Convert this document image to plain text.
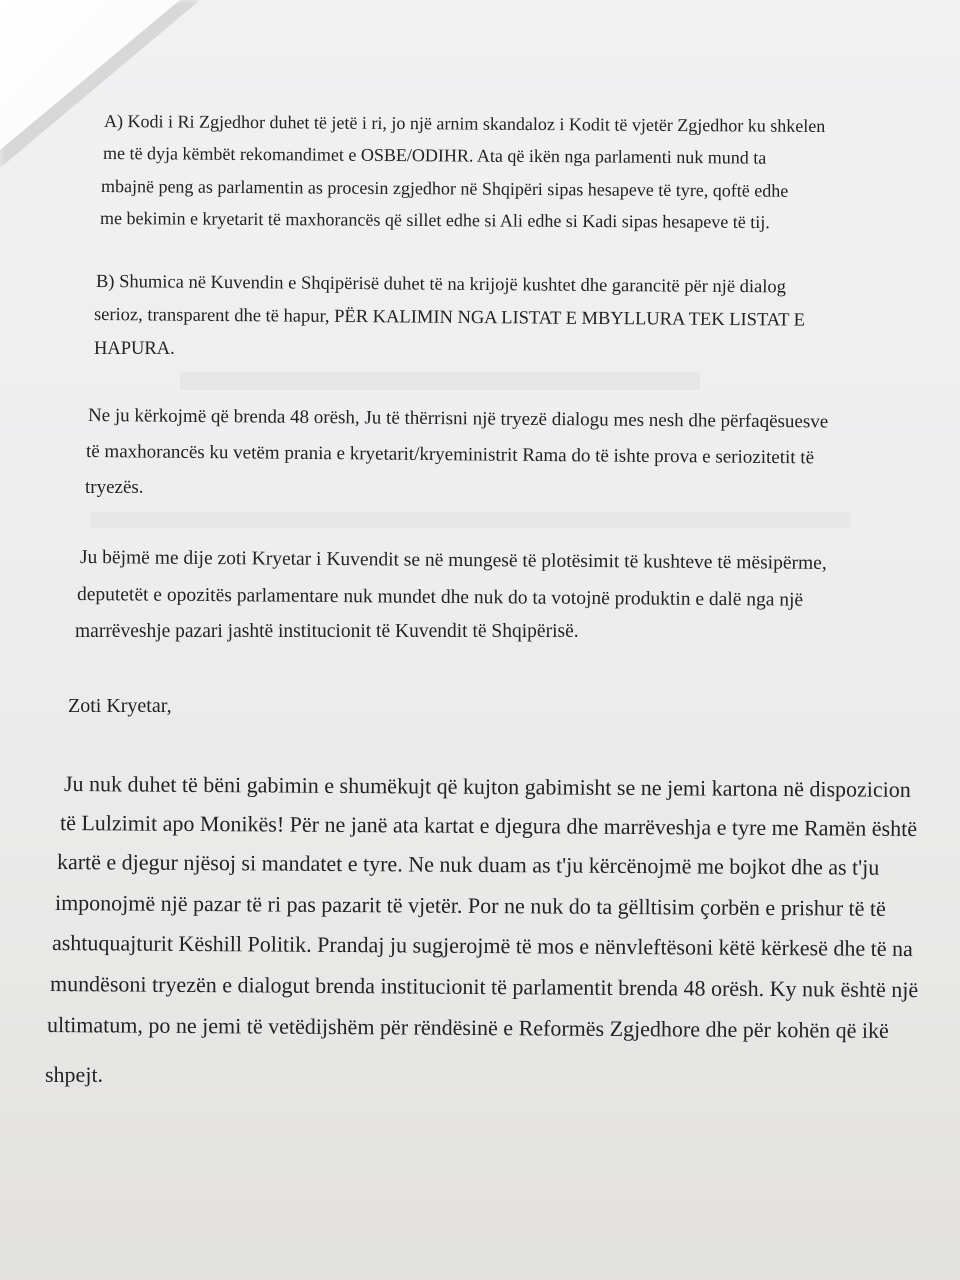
A) Kodi i Ri Zgjedhor duhet të jetë i ri, jo një arnim skandaloz i Kodit të vjetër Zgjedhor ku shkelen
me të dyja këmbët rekomandimet e OSBE/ODIHR. Ata që ikën nga parlamenti nuk mund ta
mbajnë peng as parlamentin as procesin zgjedhor në Shqipëri sipas hesapeve të tyre, qoftë edhe
me bekimin e kryetarit të maxhorancës që sillet edhe si Ali edhe si Kadi sipas hesapeve të tij.
B) Shumica në Kuvendin e Shqipërisë duhet të na krijojë kushtet dhe garancitë për një dialog
serioz, transparent dhe të hapur, PËR KALIMIN NGA LISTAT E MBYLLURA TEK LISTAT E
HAPURA.
Ne ju kërkojmë që brenda 48 orësh, Ju të thërrisni një tryezë dialogu mes nesh dhe përfaqësuesve
të maxhorancës ku vetëm prania e kryetarit/kryeministrit Rama do të ishte prova e seriozitetit të
tryezës.
Ju bëjmë me dije zoti Kryetar i Kuvendit se në mungesë të plotësimit të kushteve të mësipërme,
deputetët e opozitës parlamentare nuk mundet dhe nuk do ta votojnë produktin e dalë nga një
marrëveshje pazari jashtë institucionit të Kuvendit të Shqipërisë.
Zoti Kryetar,
Ju nuk duhet të bëni gabimin e shumëkujt që kujton gabimisht se ne jemi kartona në dispozicion
të Lulzimit apo Monikës! Për ne janë ata kartat e djegura dhe marrëveshja e tyre me Ramën është
kartë e djegur njësoj si mandatet e tyre. Ne nuk duam as t'ju kërcënojmë me bojkot dhe as t'ju
imponojmë një pazar të ri pas pazarit të vjetër. Por ne nuk do ta gëlltisim çorbën e prishur të të
ashtuquajturit Këshill Politik. Prandaj ju sugjerojmë të mos e nënvleftësoni këtë kërkesë dhe të na
mundësoni tryezën e dialogut brenda institucionit të parlamentit brenda 48 orësh. Ky nuk është një
ultimatum, po ne jemi të vetëdijshëm për rëndësinë e Reformës Zgjedhore dhe për kohën që ikë
shpejt.
